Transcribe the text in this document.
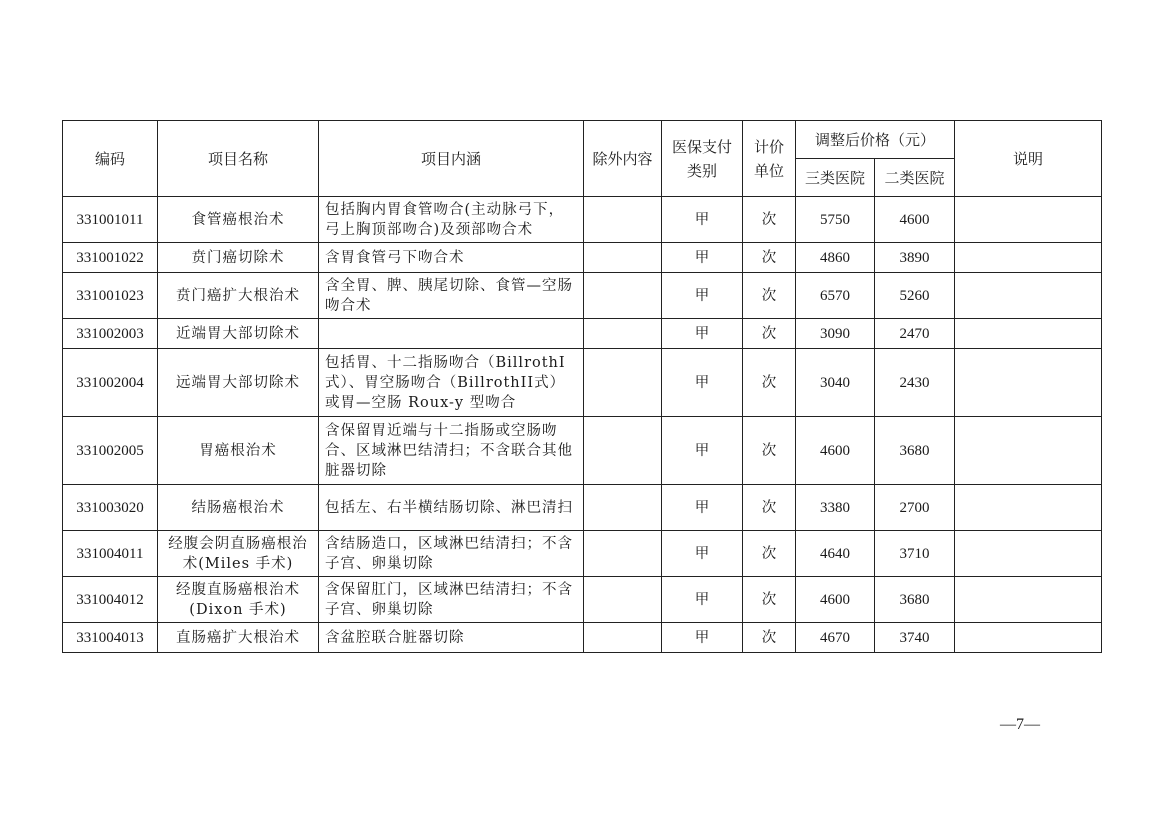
编码	项目名称	项目内涵	除外内容	医保支付类别	计价单位	调整后价格（元）		说明
						三类医院	二类医院	
331001011	食管癌根治术	包括胸内胃食管吻合(主动脉弓下，弓上胸顶部吻合)及颈部吻合术		甲	次	5750	4600	
331001022	贲门癌切除术	含胃食管弓下吻合术		甲	次	4860	3890	
331001023	贲门癌扩大根治术	含全胃、脾、胰尾切除、食管—空肠吻合术		甲	次	6570	5260	
331002003	近端胃大部切除术			甲	次	3090	2470	
331002004	远端胃大部切除术	包括胃、十二指肠吻合（BillrothI式）、胃空肠吻合（BillrothII式）或胃—空肠 Roux-y 型吻合		甲	次	3040	2430	
331002005	胃癌根治术	含保留胃近端与十二指肠或空肠吻合、区域淋巴结清扫；不含联合其他脏器切除		甲	次	4600	3680	
331003020	结肠癌根治术	包括左、右半横结肠切除、淋巴清扫		甲	次	3380	2700	
331004011	经腹会阴直肠癌根治术(Miles 手术)	含结肠造口，区域淋巴结清扫；不含子宫、卵巢切除		甲	次	4640	3710	
331004012	经腹直肠癌根治术(Dixon 手术)	含保留肛门，区域淋巴结清扫；不含子宫、卵巢切除		甲	次	4600	3680	
331004013	直肠癌扩大根治术	含盆腔联合脏器切除		甲	次	4670	3740	
—7—
